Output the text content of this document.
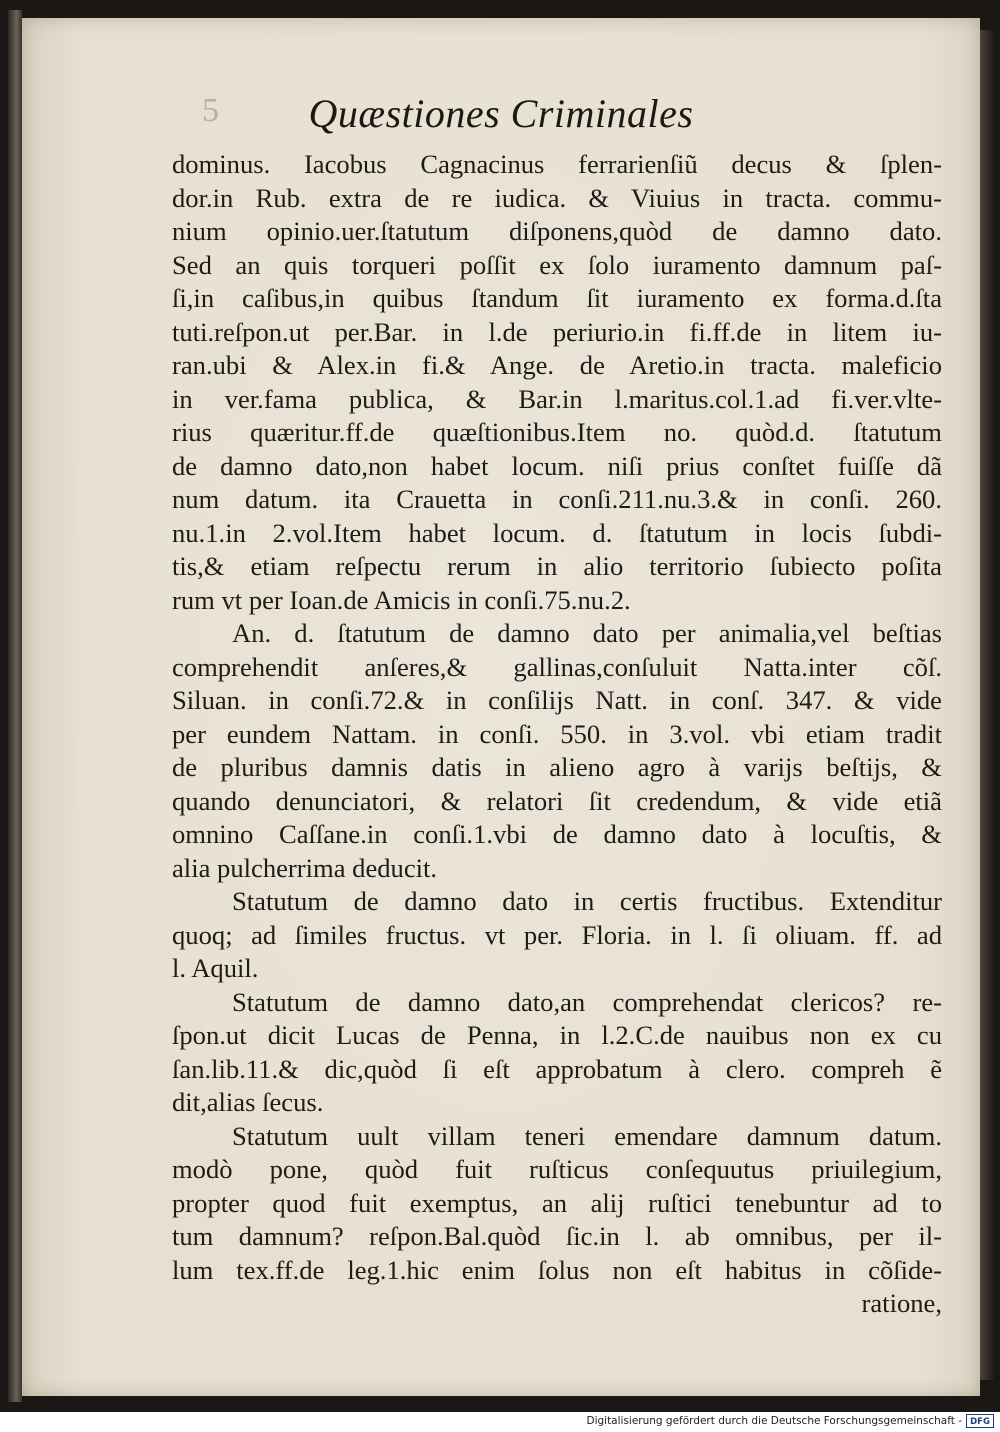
5	Quæstiones Criminales
dominus. Iacobus Cagnacinus ferrarienſiũ decus & ſplen-
dor.in Rub. extra de re iudica. & Viuius in tracta. commu-
nium opinio.uer.ſtatutum diſponens,quòd de damno dato.
Sed an quis torqueri poſſit ex ſolo iuramento damnum paſ-
ſi,in caſibus,in quibus ſtandum ſit iuramento ex forma.d.ſta
tuti.reſpon.ut per.Bar. in l.de periurio.in fi.ff.de in litem iu-
ran.ubi & Alex.in fi.& Ange. de Aretio.in tracta. maleficio
in ver.fama publica, & Bar.in l.maritus.col.1.ad fi.ver.vlte-
rius quæritur.ff.de quæſtionibus.Item no. quòd.d. ſtatutum
de damno dato,non habet locum. niſi prius conſtet fuiſſe dã
num datum. ita Crauetta in conſi.211.nu.3.& in conſi. 260.
nu.1.in 2.vol.Item habet locum. d. ſtatutum in locis ſubdi-
tis,& etiam reſpectu rerum in alio territorio ſubiecto poſita
rum vt per Ioan.de Amicis in conſi.75.nu.2.
An. d. ſtatutum de damno dato per animalia,vel beſtias
comprehendit anſeres,& gallinas,conſuluit Natta.inter cõſ.
Siluan. in conſi.72.& in conſilijs Natt. in conſ. 347. & vide
per eundem Nattam. in conſi. 550. in 3.vol. vbi etiam tradit
de pluribus damnis datis in alieno agro à varijs beſtijs, &
quando denunciatori, & relatori ſit credendum, & vide etiã
omnino Caſſane.in conſi.1.vbi de damno dato à locuſtis, &
alia pulcherrima deducit.
Statutum de damno dato in certis fructibus. Extenditur
quoq; ad ſimiles fructus. vt per. Floria. in l. ſi oliuam. ff. ad
l. Aquil.
Statutum de damno dato,an comprehendat clericos? re-
ſpon.ut dicit Lucas de Penna, in l.2.C.de nauibus non ex cu
ſan.lib.11.& dic,quòd ſi eſt approbatum à clero. compreh ẽ
dit,alias ſecus.
Statutum uult villam teneri emendare damnum datum.
modò pone, quòd fuit ruſticus conſequutus priuilegium,
propter quod fuit exemptus, an alij ruſtici tenebuntur ad to
tum damnum? reſpon.Bal.quòd ſic.in l. ab omnibus, per il-
lum tex.ff.de leg.1.hic enim ſolus non eſt habitus in cõſide-
ratione,
Digitalisierung gefördert durch die Deutsche Forschungsgemeinschaft - DFG
